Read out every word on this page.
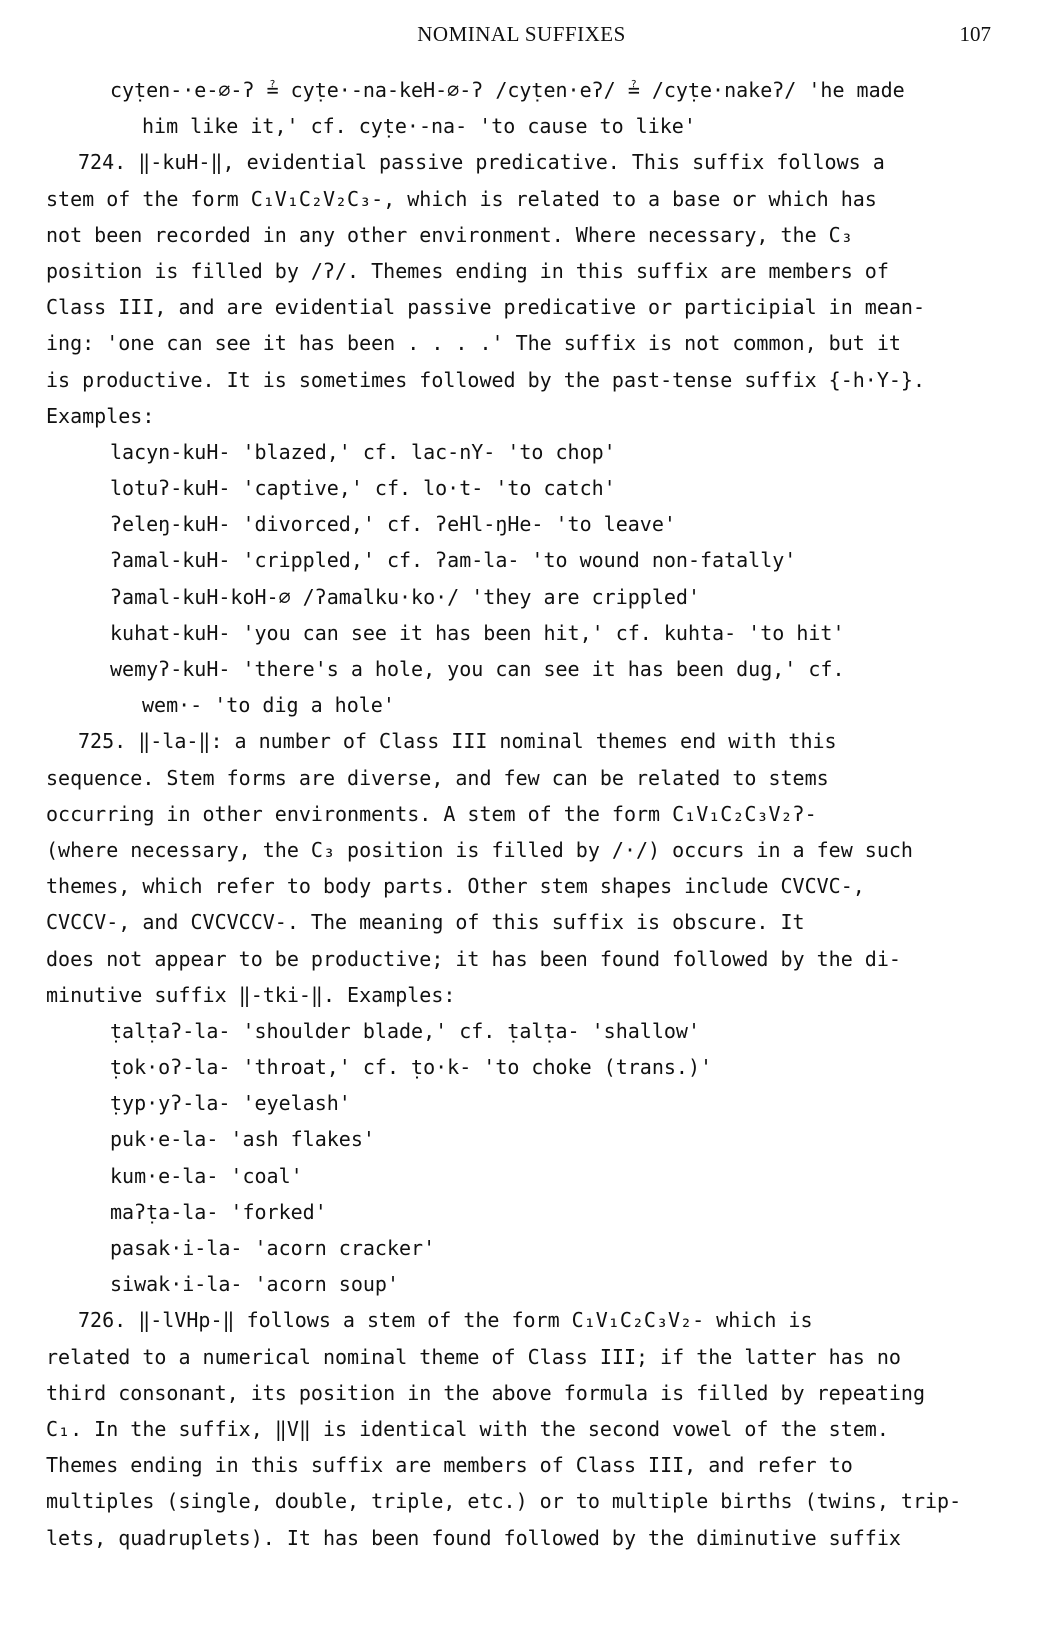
NOMINAL SUFFIXES	107
cyṭen-·e-∅-ʔ ≟ cyṭe·-na-keH-∅-ʔ /cyṭen·eʔ/ ≟ /cyṭe·nakeʔ/ 'he made
him like it,' cf. cyṭe·-na- 'to cause to like'
724. ‖-kuH-‖, evidential passive predicative. This suffix follows a
stem of the form C₁V₁C₂V₂C₃-, which is related to a base or which has
not been recorded in any other environment. Where necessary, the C₃
position is filled by /ʔ/. Themes ending in this suffix are members of
Class III, and are evidential passive predicative or participial in mean-
ing: 'one can see it has been . . . .' The suffix is not common, but it
is productive. It is sometimes followed by the past-tense suffix {-h·Y-}.
Examples:
lacyn-kuH- 'blazed,' cf. lac-nY- 'to chop'
lotuʔ-kuH- 'captive,' cf. lo·t- 'to catch'
ʔeleŋ-kuH- 'divorced,' cf. ʔeHl-ŋHe- 'to leave'
ʔamal-kuH- 'crippled,' cf. ʔam-la- 'to wound non-fatally'
ʔamal-kuH-koH-∅ /ʔamalku·ko·/ 'they are crippled'
kuhat-kuH- 'you can see it has been hit,' cf. kuhta- 'to hit'
wemyʔ-kuH- 'there's a hole, you can see it has been dug,' cf.
wem·- 'to dig a hole'
725. ‖-la-‖: a number of Class III nominal themes end with this
sequence. Stem forms are diverse, and few can be related to stems
occurring in other environments. A stem of the form C₁V₁C₂C₃V₂ʔ-
(where necessary, the C₃ position is filled by /·/) occurs in a few such
themes, which refer to body parts. Other stem shapes include CVCVC-,
CVCCV-, and CVCVCCV-. The meaning of this suffix is obscure. It
does not appear to be productive; it has been found followed by the di-
minutive suffix ‖-tki-‖. Examples:
ṭalṭaʔ-la- 'shoulder blade,' cf. ṭalṭa- 'shallow'
ṭok·oʔ-la- 'throat,' cf. ṭo·k- 'to choke (trans.)'
ṭyp·yʔ-la- 'eyelash'
puk·e-la- 'ash flakes'
kum·e-la- 'coal'
maʔṭa-la- 'forked'
pasak·i-la- 'acorn cracker'
siwak·i-la- 'acorn soup'
726. ‖-lVHp-‖ follows a stem of the form C₁V₁C₂C₃V₂- which is
related to a numerical nominal theme of Class III; if the latter has no
third consonant, its position in the above formula is filled by repeating
C₁. In the suffix, ‖V‖ is identical with the second vowel of the stem.
Themes ending in this suffix are members of Class III, and refer to
multiples (single, double, triple, etc.) or to multiple births (twins, trip-
lets, quadruplets). It has been found followed by the diminutive suffix
